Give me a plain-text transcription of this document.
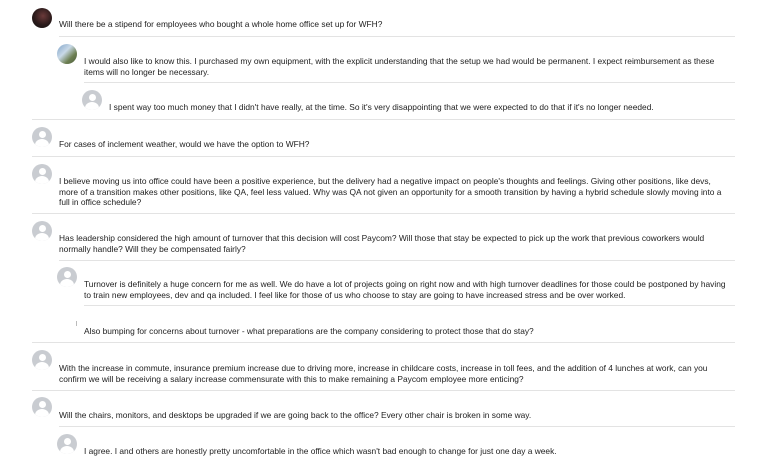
Will there be a stipend for employees who bought a whole home office set up for WFH?
I would also like to know this. I purchased my own equipment, with the explicit understanding that the setup we had would be permanent. I expect reimbursement as these items will no longer be necessary.
I spent way too much money that I didn't have really, at the time. So it's very disappointing that we were expected to do that if it's no longer needed.
For cases of inclement weather, would we have the option to WFH?
I believe moving us into office could have been a positive experience, but the delivery had a negative impact on people's thoughts and feelings. Giving other positions, like devs, more of a transition makes other positions, like QA, feel less valued. Why was QA not given an opportunity for a smooth transition by having a hybrid schedule slowly moving into a full in office schedule?
Has leadership considered the high amount of turnover that this decision will cost Paycom? Will those that stay be expected to pick up the work that previous coworkers would normally handle? Will they be compensated fairly?
Turnover is definitely a huge concern for me as well. We do have a lot of projects going on right now and with high turnover deadlines for those could be postponed by having to train new employees, dev and qa included. I feel like for those of us who choose to stay are going to have increased stress and be over worked.
Also bumping for concerns about turnover - what preparations are the company considering to protect those that do stay?
With the increase in commute, insurance premium increase due to driving more, increase in childcare costs, increase in toll fees, and the addition of 4 lunches at work, can you confirm we will be receiving a salary increase commensurate with this to make remaining a Paycom employee more enticing?
Will the chairs, monitors, and desktops be upgraded if we are going back to the office? Every other chair is broken in some way.
I agree. I and others are honestly pretty uncomfortable in the office which wasn't bad enough to change for just one day a week.
